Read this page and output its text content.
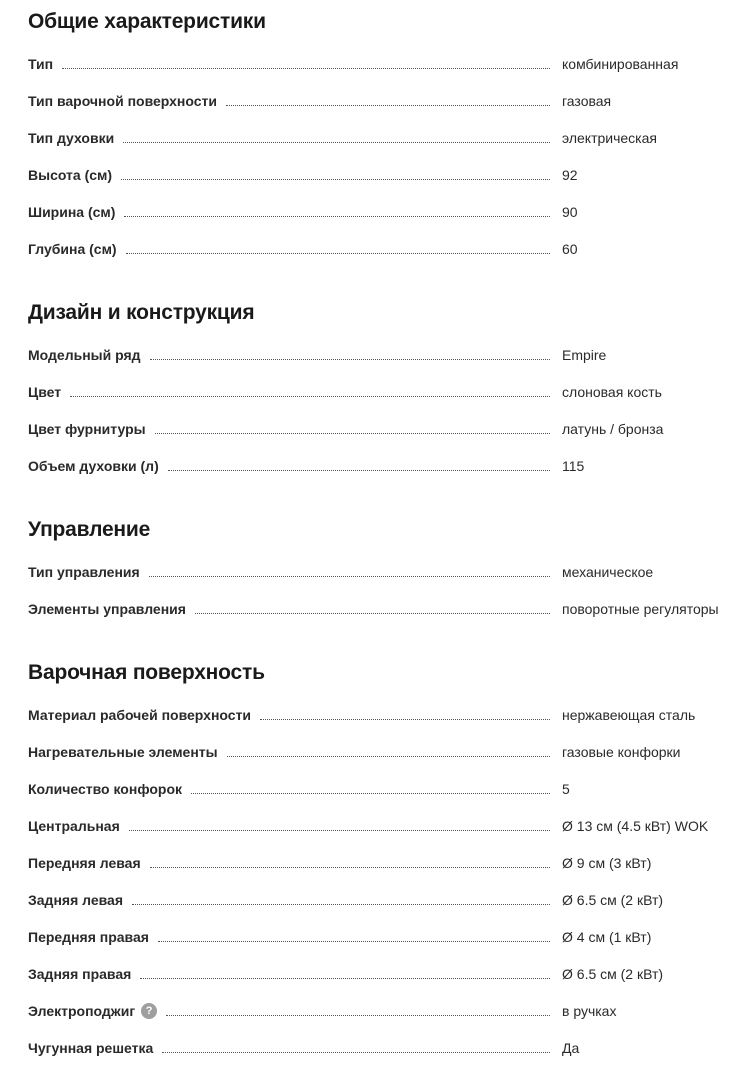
Общие характеристики
Тип	комбинированная
Тип варочной поверхности	газовая
Тип духовки	электрическая
Высота (см)	92
Ширина (см)	90
Глубина (см)	60
Дизайн и конструкция
Модельный ряд	Empire
Цвет	слоновая кость
Цвет фурнитуры	латунь / бронза
Объем духовки (л)	115
Управление
Тип управления	механическое
Элементы управления	поворотные регуляторы
Варочная поверхность
Материал рабочей поверхности	нержавеющая сталь
Нагревательные элементы	газовые конфорки
Количество конфорок	5
Центральная	Ø 13 см (4.5 кВт) WOK
Передняя левая	Ø 9 см (3 кВт)
Задняя левая	Ø 6.5 см (2 кВт)
Передняя правая	Ø 4 см (1 кВт)
Задняя правая	Ø 6.5 см (2 кВт)
Электроподжиг ?	в ручках
Чугунная решетка	Да
